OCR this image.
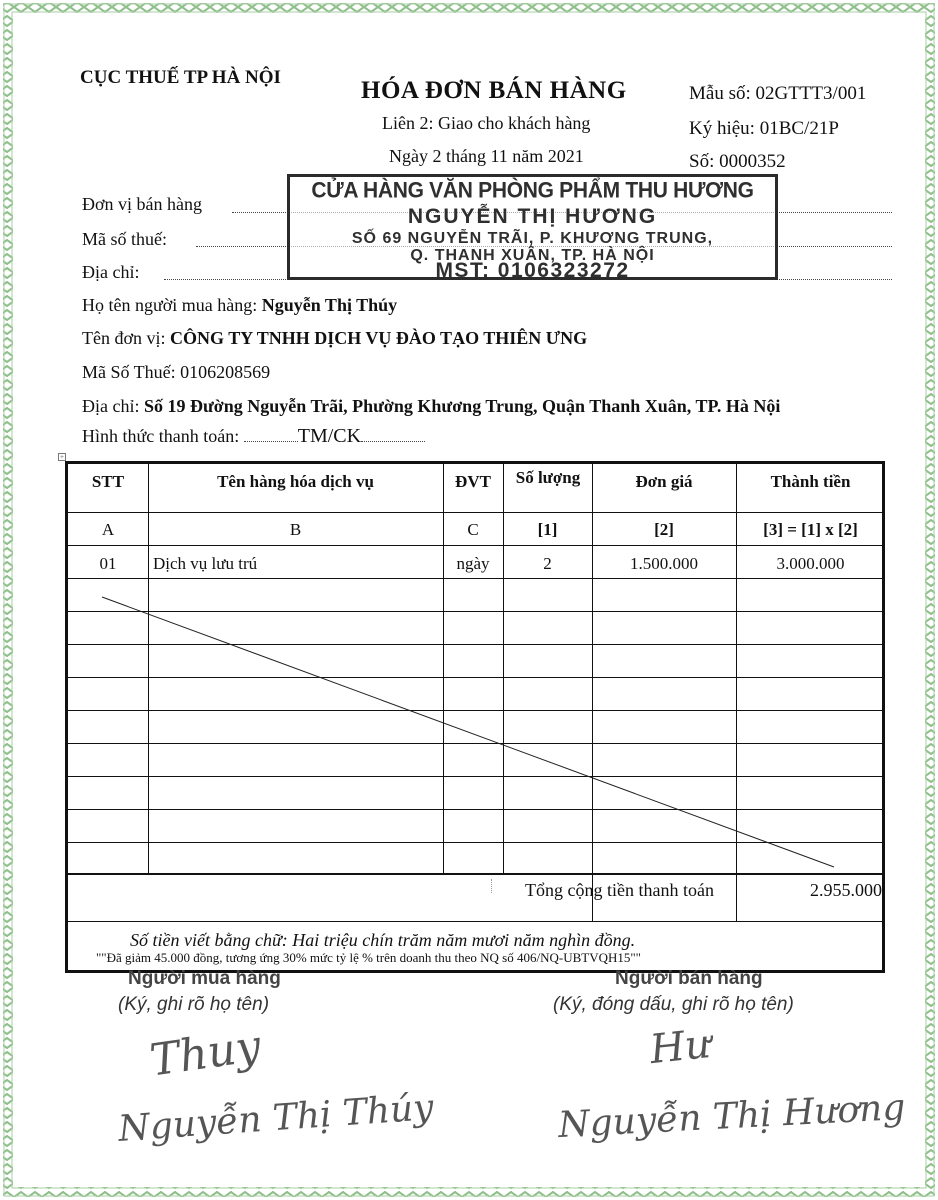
CỤC THUẾ TP HÀ NỘI	HÓA ĐƠN BÁN HÀNG
Liên 2: Giao cho khách hàng
Ngày 2 tháng 11 năm 2021
Mẫu số: 02GTTT3/001
Ký hiệu: 01BC/21P
Số: 0000352
Đơn vị bán hàng
Mã số thuế:
Địa chỉ:
CỬA HÀNG VĂN PHÒNG PHẨM THU HƯƠNG
NGUYỄN THỊ HƯƠNG
SỐ 69 NGUYỄN TRÃI, P. KHƯƠNG TRUNG,
Q. THANH XUÂN, TP. HÀ NỘI
MST: 0106323272
Họ tên người mua hàng: Nguyễn Thị Thúy
Tên đơn vị: CÔNG TY TNHH DỊCH VỤ ĐÀO TẠO THIÊN ƯNG
Mã Số Thuế: 0106208569
Địa chỉ: Số 19 Đường Nguyễn Trãi, Phường Khương Trung, Quận Thanh Xuân, TP. Hà Nội
Hình thức thanh toán:	TM/CK
+
STT	Tên hàng hóa dịch vụ	ĐVT	Số lượng	Đơn giá	Thành tiền
A	B	C	[1]	[2]	[3] = [1] x [2]
01	Dịch vụ lưu trú	ngày	2	1.500.000	3.000.000
Tổng cộng tiền thanh toán	2.955.000
Số tiền viết bằng chữ: Hai triệu chín trăm năm mươi năm nghìn đồng.
""Đã giảm 45.000 đồng, tương ứng 30% mức tỷ lệ % trên doanh thu theo NQ số 406/NQ-UBTVQH15""
Người mua hàng
(Ký, ghi rõ họ tên)
Người bán hàng
(Ký, đóng dấu, ghi rõ họ tên)
Thuy
Nguyễn Thị Thúy
Hư
Nguyễn Thị Hương
